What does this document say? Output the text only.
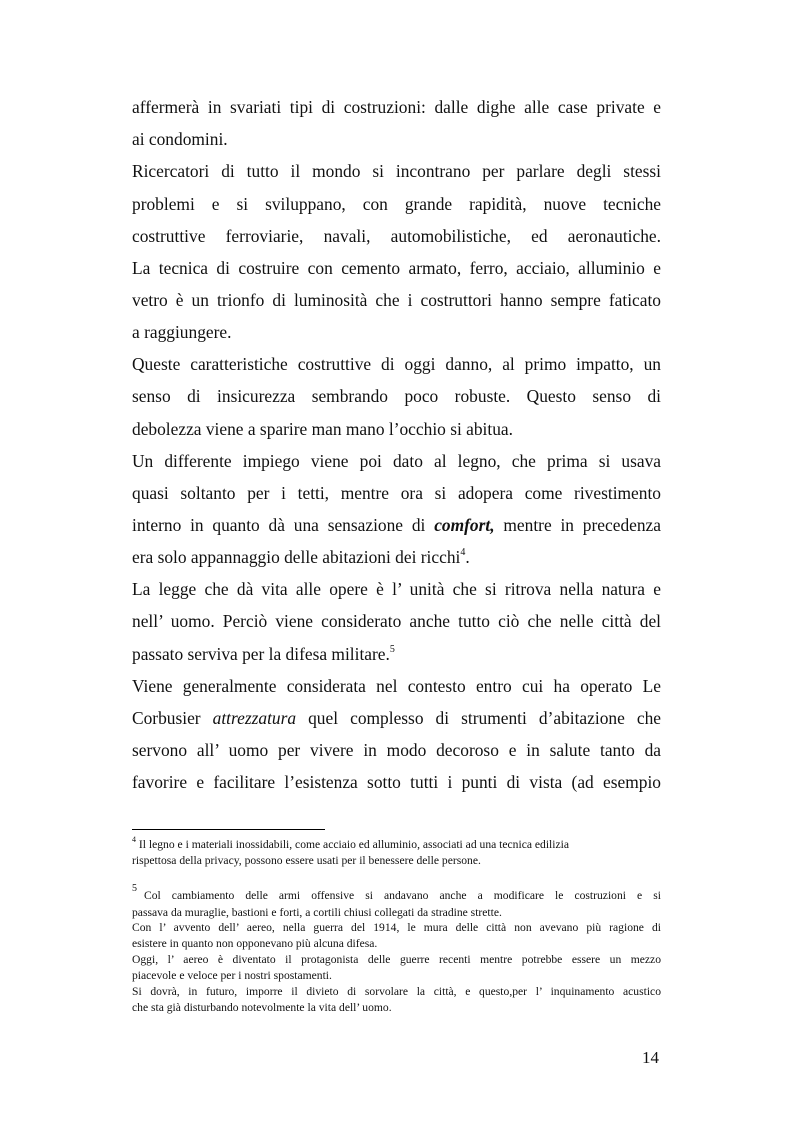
affermerà in svariati tipi di costruzioni: dalle dighe alle case private e
ai condomini.
Ricercatori di tutto il mondo si incontrano per parlare degli stessi
problemi e si sviluppano, con grande rapidità, nuove tecniche
costruttive ferroviarie, navali, automobilistiche, ed aeronautiche.
La tecnica di costruire con cemento armato, ferro, acciaio, alluminio e
vetro è un trionfo di luminosità che i costruttori hanno sempre faticato
a raggiungere.
Queste caratteristiche costruttive di oggi danno, al primo impatto, un
senso di insicurezza sembrando poco robuste. Questo senso di
debolezza viene a sparire man mano l’occhio si abitua.
Un differente impiego viene poi dato al legno, che prima si usava
quasi soltanto per i tetti, mentre ora si adopera come rivestimento
interno in quanto dà una sensazione di comfort, mentre in precedenza
era solo appannaggio delle abitazioni dei ricchi$^4$.
La legge che dà vita alle opere è l’ unità che si ritrova nella natura e
nell’ uomo. Perciò viene considerato anche tutto ciò che nelle città del
passato serviva per la difesa militare.$^5$
Viene generalmente considerata nel contesto entro cui ha operato Le
Corbusier attrezzatura quel complesso di strumenti d’abitazione che
servono all’ uomo per vivere in modo decoroso e in salute tanto da
favorire e facilitare l’esistenza sotto tutti i punti di vista (ad esempio
$^4$ Il legno e i materiali inossidabili, come acciaio ed alluminio, associati ad una tecnica edilizia
rispettosa della privacy, possono essere usati per il benessere delle persone.
5
Col cambiamento delle armi offensive si andavano anche a modificare le costruzioni e si
passava da muraglie, bastioni e forti, a cortili chiusi collegati da stradine strette.
Con l’ avvento dell’ aereo, nella guerra del 1914, le mura delle città non avevano più ragione di
esistere in quanto non opponevano più alcuna difesa.
Oggi, l’ aereo è diventato il protagonista delle guerre recenti mentre potrebbe essere un mezzo
piacevole e veloce per i nostri spostamenti.
Si dovrà, in futuro, imporre il divieto di sorvolare la città, e questo,per l’ inquinamento acustico
che sta già disturbando notevolmente la vita dell’ uomo.
14
